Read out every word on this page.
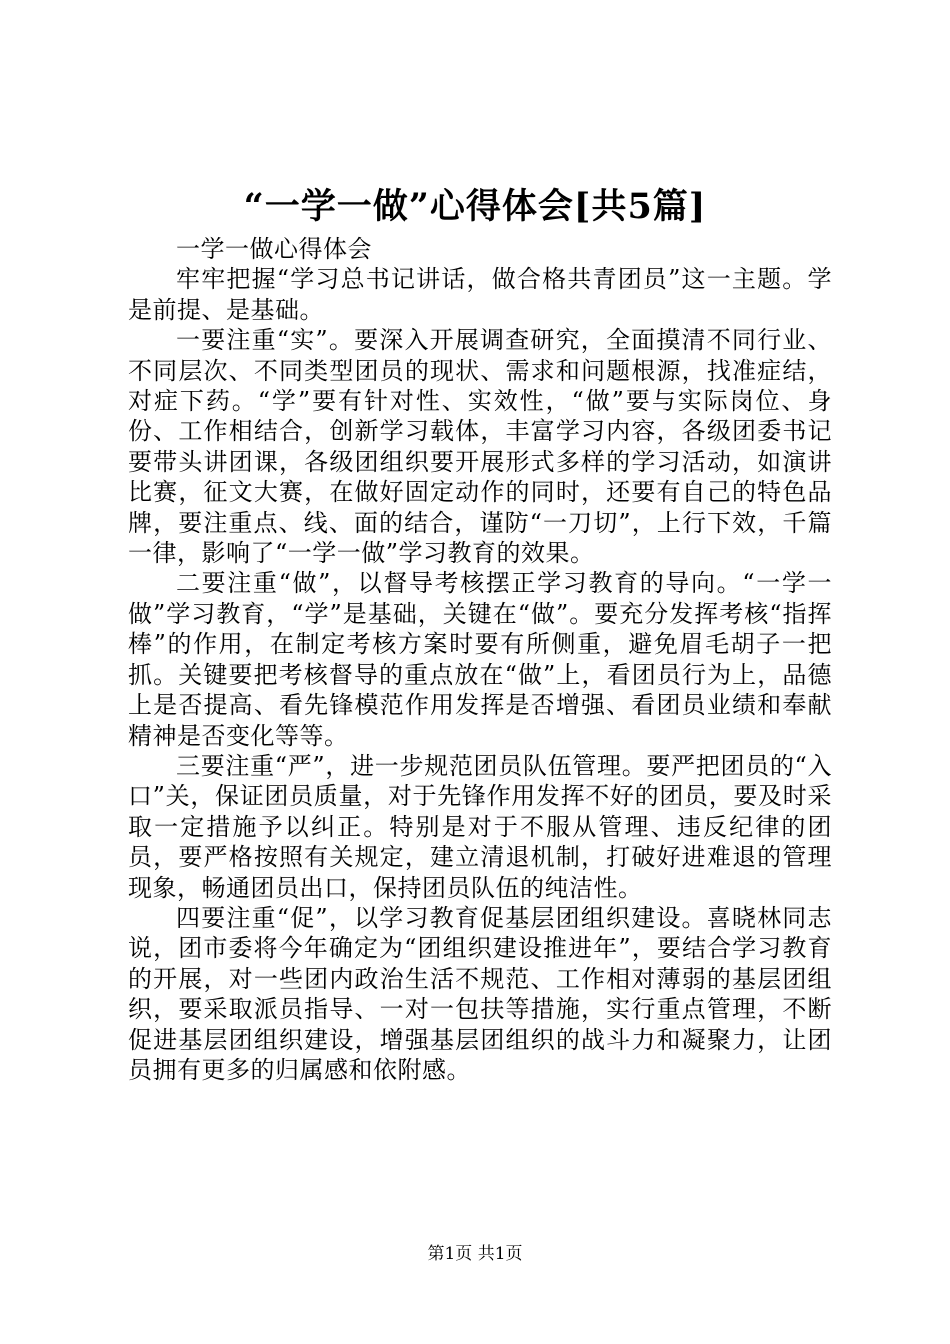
“一学一做”心得体会[共5篇]

一学一做心得体会

牢牢把握“学习总书记讲话，做合格共青团员”这一主题。学是前提、是基础。

一要注重“实”。要深入开展调查研究，全面摸清不同行业、不同层次、不同类型团员的现状、需求和问题根源，找准症结，对症下药。“学”要有针对性、实效性，“做”要与实际岗位、身份、工作相结合，创新学习载体，丰富学习内容，各级团委书记要带头讲团课，各级团组织要开展形式多样的学习活动，如演讲比赛，征文大赛，在做好固定动作的同时，还要有自己的特色品牌，要注重点、线、面的结合，谨防“一刀切”，上行下效，千篇一律，影响了“一学一做”学习教育的效果。

二要注重“做”，以督导考核摆正学习教育的导向。“一学一做”学习教育，“学”是基础，关键在“做”。要充分发挥考核“指挥棒”的作用，在制定考核方案时要有所侧重，避免眉毛胡子一把抓。关键要把考核督导的重点放在“做”上，看团员行为上，品德上是否提高、看先锋模范作用发挥是否增强、看团员业绩和奉献精神是否变化等等。

三要注重“严”，进一步规范团员队伍管理。要严把团员的“入口”关，保证团员质量，对于先锋作用发挥不好的团员，要及时采取一定措施予以纠正。特别是对于不服从管理、违反纪律的团员，要严格按照有关规定，建立清退机制，打破好进难退的管理现象，畅通团员出口，保持团员队伍的纯洁性。

四要注重“促”，以学习教育促基层团组织建设。喜晓林同志说，团市委将今年确定为“团组织建设推进年”，要结合学习教育的开展，对一些团内政治生活不规范、工作相对薄弱的基层团组织，要采取派员指导、一对一包扶等措施，实行重点管理，不断促进基层团组织建设，增强基层团组织的战斗力和凝聚力，让团员拥有更多的归属感和依附感。

第1页 共1页
